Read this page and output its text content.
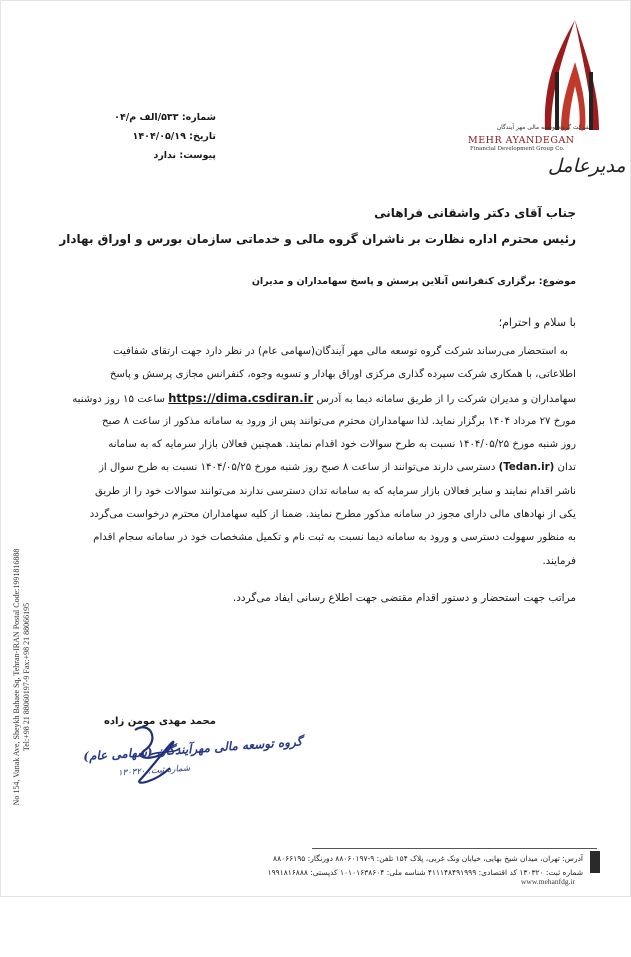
شرکت گروه توسعه مالی مهر آیندگان
MEHR AYANDEGAN
Financial Development Group Co.
مدیرعامل
شماره: ۵۳۳/الف م/۰۴
تاریخ: ۱۴۰۴/۰۵/۱۹
پیوست: ندارد
جناب آقای دکتر واشقانی فراهانی
رئیس محترم اداره نظارت بر ناشران گروه مالی و خدماتی سازمان بورس و اوراق بهادار
موضوع: برگزاری کنفرانس آنلاین پرسش و پاسخ سهامداران و مدیران
با سلام و احترام؛
به استحضار می‌رساند شرکت گروه توسعه مالی مهر آیندگان(سهامی عام) در نظر دارد جهت ارتقای شفافیت
اطلاعاتی، با همکاری شرکت سپرده گذاری مرکزی اوراق بهادار و تسویه وجوه، کنفرانس مجازی پرسش و پاسخ
سهامداران و مدیران شرکت را از طریق سامانه دیما به آدرس https://dima.csdiran.ir ساعت ۱۵ روز دوشنبه
مورخ ۲۷ مرداد ۱۴۰۴ برگزار نماید. لذا سهامداران محترم می‌توانند پس از ورود به سامانه مذکور از ساعت ۸ صبح
روز شنبه مورخ ۱۴۰۴/۰۵/۲۵ نسبت به طرح سوالات خود اقدام نمایند. همچنین فعالان بازار سرمایه که به سامانه
تدان (Tedan.ir) دسترسی دارند می‌توانند از ساعت ۸ صبح روز شنبه مورخ ۱۴۰۴/۰۵/۲۵ نسبت به طرح سوال از
ناشر اقدام نمایند و سایر فعالان بازار سرمایه که به سامانه تدان دسترسی ندارند می‌توانند سوالات خود را از طریق
یکی از نهادهای مالی دارای مجوز در سامانه مذکور مطرح نمایند. ضمنا از کلیه سهامداران محترم درخواست می‌گردد
به منظور سهولت دسترسی و ورود به سامانه دیما نسبت به ثبت نام و تکمیل مشخصات خود در سامانه سجام اقدام
فرمایند.
مراتب جهت استحضار و دستور اقدام مقتضی جهت اطلاع رسانی ایفاد می‌گردد.
محمد مهدی مومن زاده
گروه توسعه مالی مهرآیندگان (سهامی عام)
شماره ثبت: ۱۳۰۳۲۰
No 154, Vanak Ave, Sheykh Bahaee Sq, Tehran-IRAN Postal Code:1991816888 Tel:+98 21 88060197-9 Fax:+98 21 88066195
آدرس: تهران، میدان شیخ بهایی، خیابان ونک غربی، پلاک ۱۵۴ تلفن: ۹-۸۸۰۶۰۱۹۷ دورنگار: ۸۸۰۶۶۱۹۵
شماره ثبت: ۱۳۰۳۲۰ کد اقتصادی: ۴۱۱۱۴۸۴۹۱۹۹۹ شناسه ملی: ۱۰۱۰۱۶۳۸۶۰۴ کدپستی: ۱۹۹۱۸۱۶۸۸۸
www.mehanfdg.ir
